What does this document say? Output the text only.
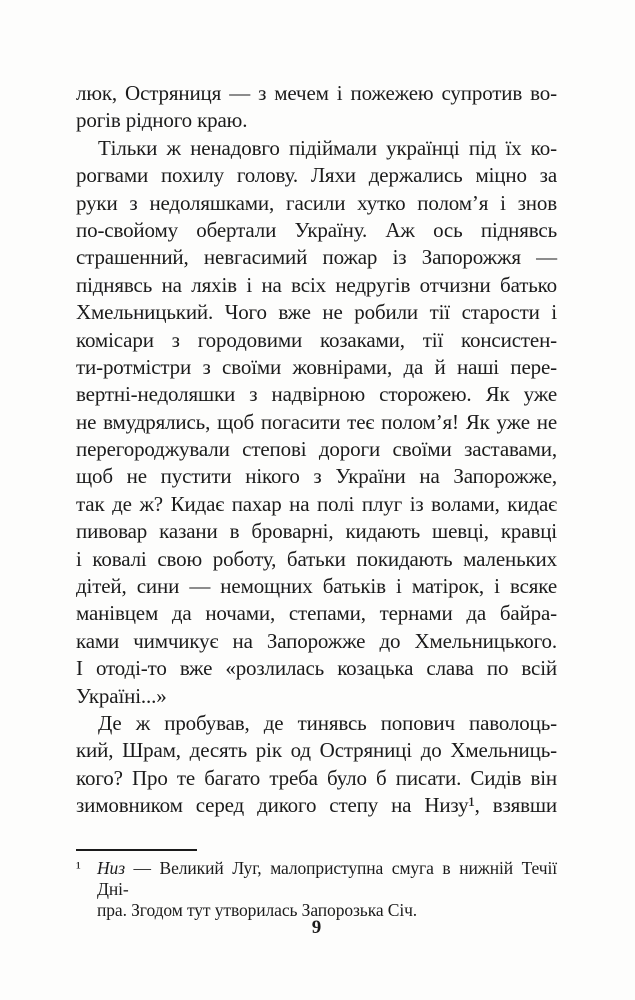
люк, Остряниця — з мечем і пожежею супротив во-
рогів рідного краю.
Тільки ж ненадовго підіймали українці під їх ко-
рогвами похилу голову. Ляхи держались міцно за
руки з недоляшками, гасили хутко полом’я і знов
по-свойому обертали Україну. Аж ось піднявсь
страшенний, невгасимий пожар із Запорожжя —
піднявсь на ляхів і на всіх недругів отчизни батько
Хмельницький. Чого вже не робили тії старости і
комісари з городовими козаками, тії консистен-
ти-ротмістри з своїми жовнірами, да й наші пере-
вертні-недоляшки з надвірною сторожею. Як уже
не вмудрялись, щоб погасити теє полом’я! Як уже не
перегороджували степові дороги своїми заставами,
щоб не пустити нікого з України на Запорожже,
так де ж? Кидає пахар на полі плуг із волами, кидає
пивовар казани в броварні, кидають шевці, кравці
і ковалі свою роботу, батьки покидають маленьких
дітей, сини — немощних батьків і матірок, і всяке
манівцем да ночами, степами, тернами да байра-
ками чимчикує на Запорожже до Хмельницького.
І отоді-то вже «розлилась козацька слава по всій
Україні...»
Де ж пробував, де тинявсь попович паволоць-
кий, Шрам, десять рік од Остряниці до Хмельниць-
кого? Про те багато треба було б писати. Сидів він
зимовником серед дикого степу на Низу¹, взявши
¹ Низ — Великий Луг, малоприступна смуга в нижній Течії Дні-
пра. Згодом тут утворилась Запорозька Січ.
9
